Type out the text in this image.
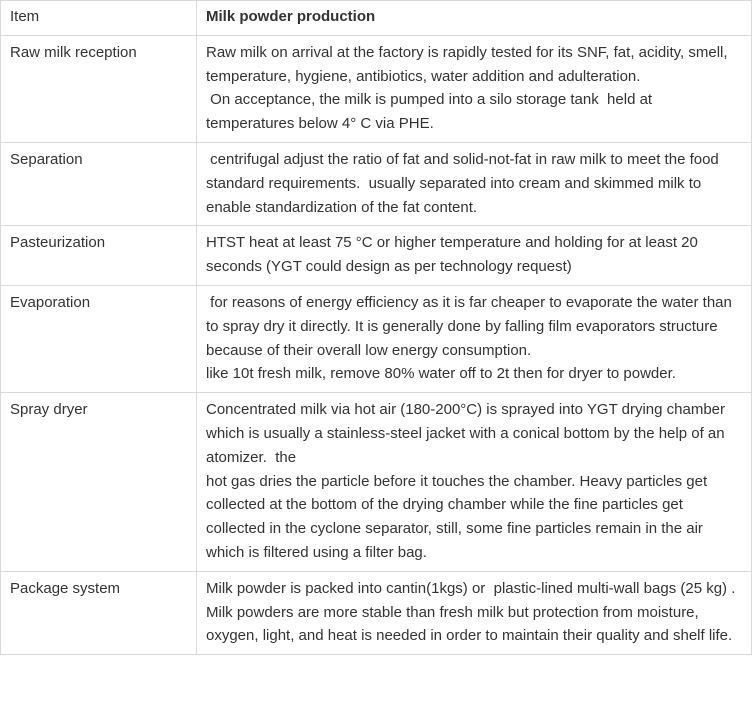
Item	Milk powder production
Raw milk reception	Raw milk on arrival at the factory is rapidly tested for its SNF, fat, acidity, smell, temperature, hygiene, antibiotics, water addition and adulteration.
On acceptance, the milk is pumped into a silo storage tank  held at temperatures below 4° C via PHE.

Separation	centrifugal adjust the ratio of fat and solid-not-fat in raw milk to meet the food standard requirements.  usually separated into cream and skimmed milk to enable standardization of the fat content.

Pasteurization	HTST heat at least 75 °C or higher temperature and holding for at least 20 seconds (YGT could design as per technology request)

Evaporation	for reasons of energy efficiency as it is far cheaper to evaporate the water than to spray dry it directly. It is generally done by falling film evaporators structure because of their overall low energy consumption.
like 10t fresh milk, remove 80% water off to 2t then for dryer to powder.

Spray dryer	Concentrated milk via hot air (180-200°C) is sprayed into YGT drying chamber which is usually a stainless-steel jacket with a conical bottom by the help of an atomizer.  the
hot gas dries the particle before it touches the chamber. Heavy particles get collected at the bottom of the drying chamber while the fine particles get collected in the cyclone separator, still, some fine particles remain in the air which is filtered using a filter bag.

Package system	Milk powder is packed into cantin(1kgs) or  plastic-lined multi-wall bags (25 kg) .
Milk powders are more stable than fresh milk but protection from moisture, oxygen, light, and heat is needed in order to maintain their quality and shelf life.
